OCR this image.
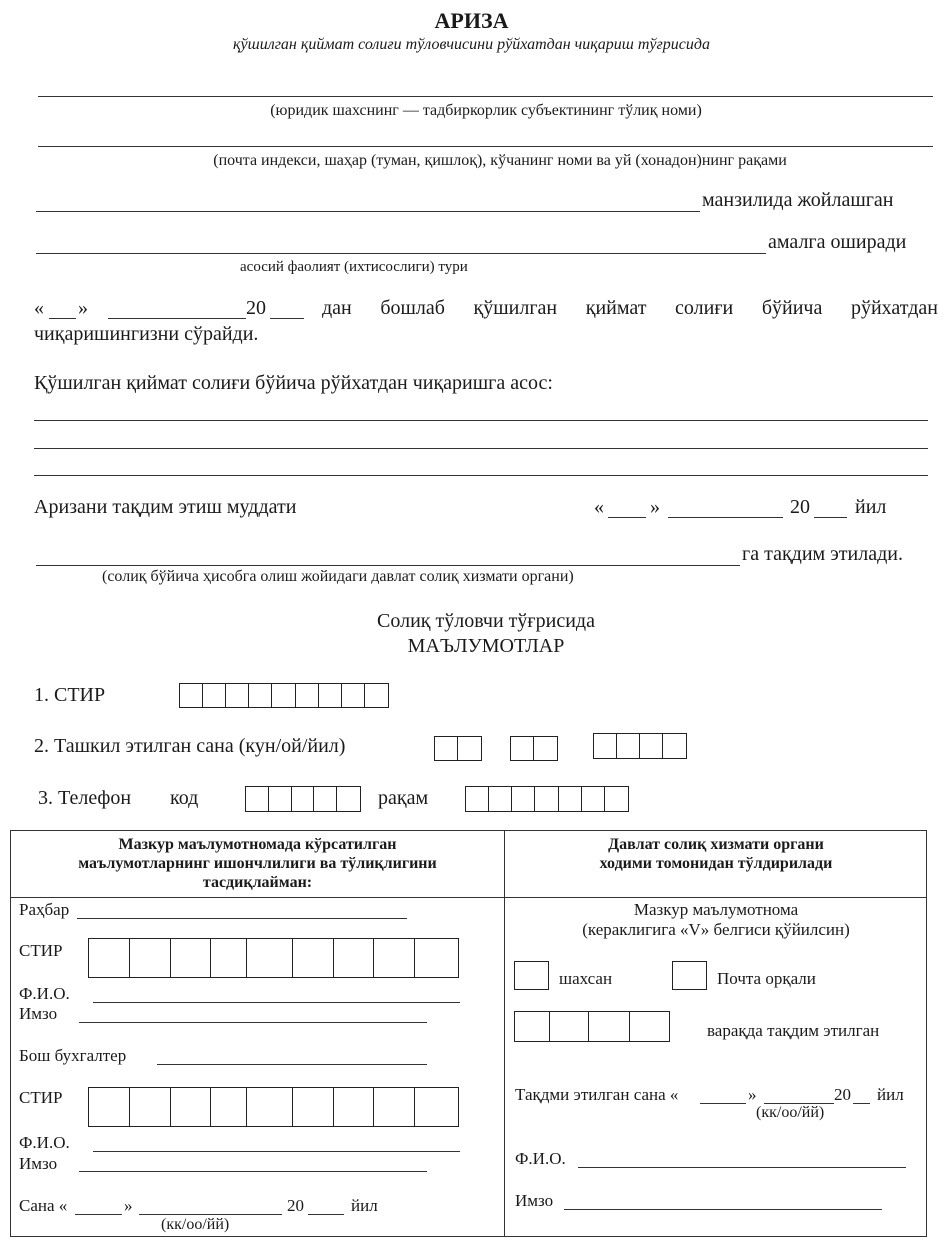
АРИЗА
қўшилган қиймат солиғи тўловчисини рўйхатдан чиқариш тўғрисида
(юридик шахснинг — тадбиркорлик субъектининг тўлиқ номи)
(почта индекси, шаҳар (туман, қишлоқ), кўчанинг номи ва уй (хонадон)нинг рақами
манзилида жойлашган
амалга оширади
асосий фаолият (ихтисослиги) тури
« »	20	дан бошлаб қўшилган қиймат солиғи бўйича рўйхатдан
чиқаришингизни сўрайди.
Қўшилган қиймат солиғи бўйича рўйхатдан чиқаришга асос:
Аризани тақдим этиш муддати	« »	20 йил
га тақдим этилади.
(солиқ бўйича ҳисобга олиш жойидаги давлат солиқ хизмати органи)
Солиқ тўловчи тўғрисида
МАЪЛУМОТЛАР
1. СТИР
2. Ташкил этилган сана (кун/ой/йил)
3. Телефон код	рақам
Мазкур маълумотномада кўрсатилган
маълумотларнинг ишончлилиги ва тўлиқлигини
тасдиқлайман:
Давлат солиқ хизмати органи
ходими томонидан тўлдирилади
Раҳбар
СТИР
Ф.И.О.
Имзо
Бош бухгалтер
СТИР
Ф.И.О.
Имзо
Сана «	»	20	йил
(кк/оо/йй)
Мазкур маълумотнома
(кераклигига «V» белгиси қўйилсин)
шахсан	Почта орқали
варақда тақдим этилган
Тақдми этилган сана «	»	20 йил
(кк/оо/йй)
Ф.И.О.
Имзо
